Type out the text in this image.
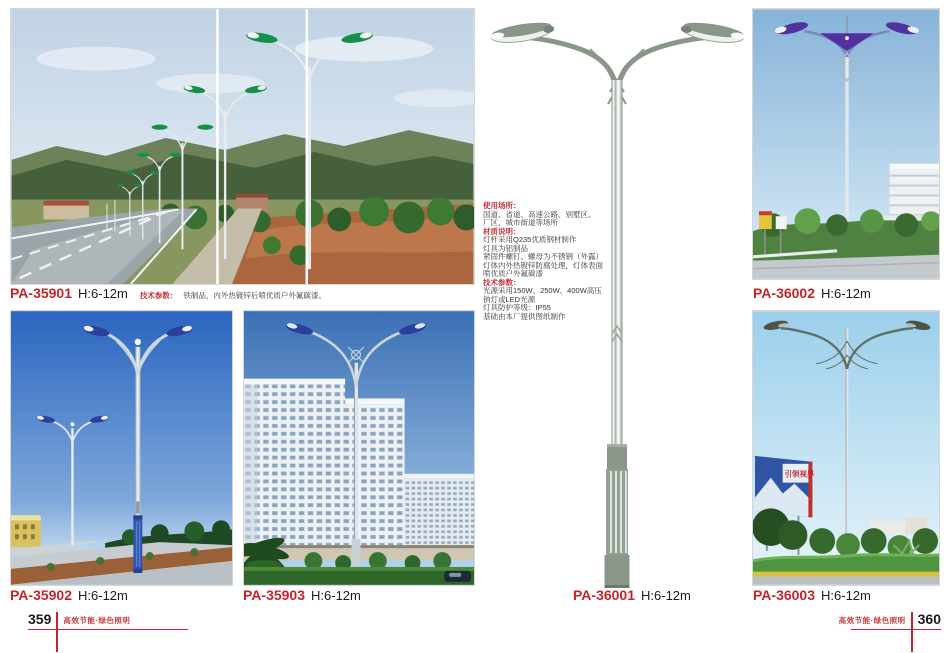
PA-35901 H:6-12m 技术参数： 铁制品，内外热镀锌后喷优质户外氟碳漆。
PA-35902 H:6-12m	PA-35903 H:6-12m
使用场所：
国道、省道、高速公路、别墅区、
厂区、城市街道等场所
材质说明：
灯杆采用Q235优质钢材制作
灯具为铝制品
紧固件螺钉、螺母为不锈钢（外露）
灯体内外热镀锌防腐处理，灯体表面
喷优质户外氟碳漆
技术参数：
光源采用150W、250W、400W高压
钠灯或LED光源
灯具防护等级：IP55
基础由本厂提供图纸制作
PA-36001 H:6-12m
PA-36002 H:6-12m
引领视界
PA-36003 H:6-12m
359 高效节能·绿色照明	高效节能·绿色照明 360
